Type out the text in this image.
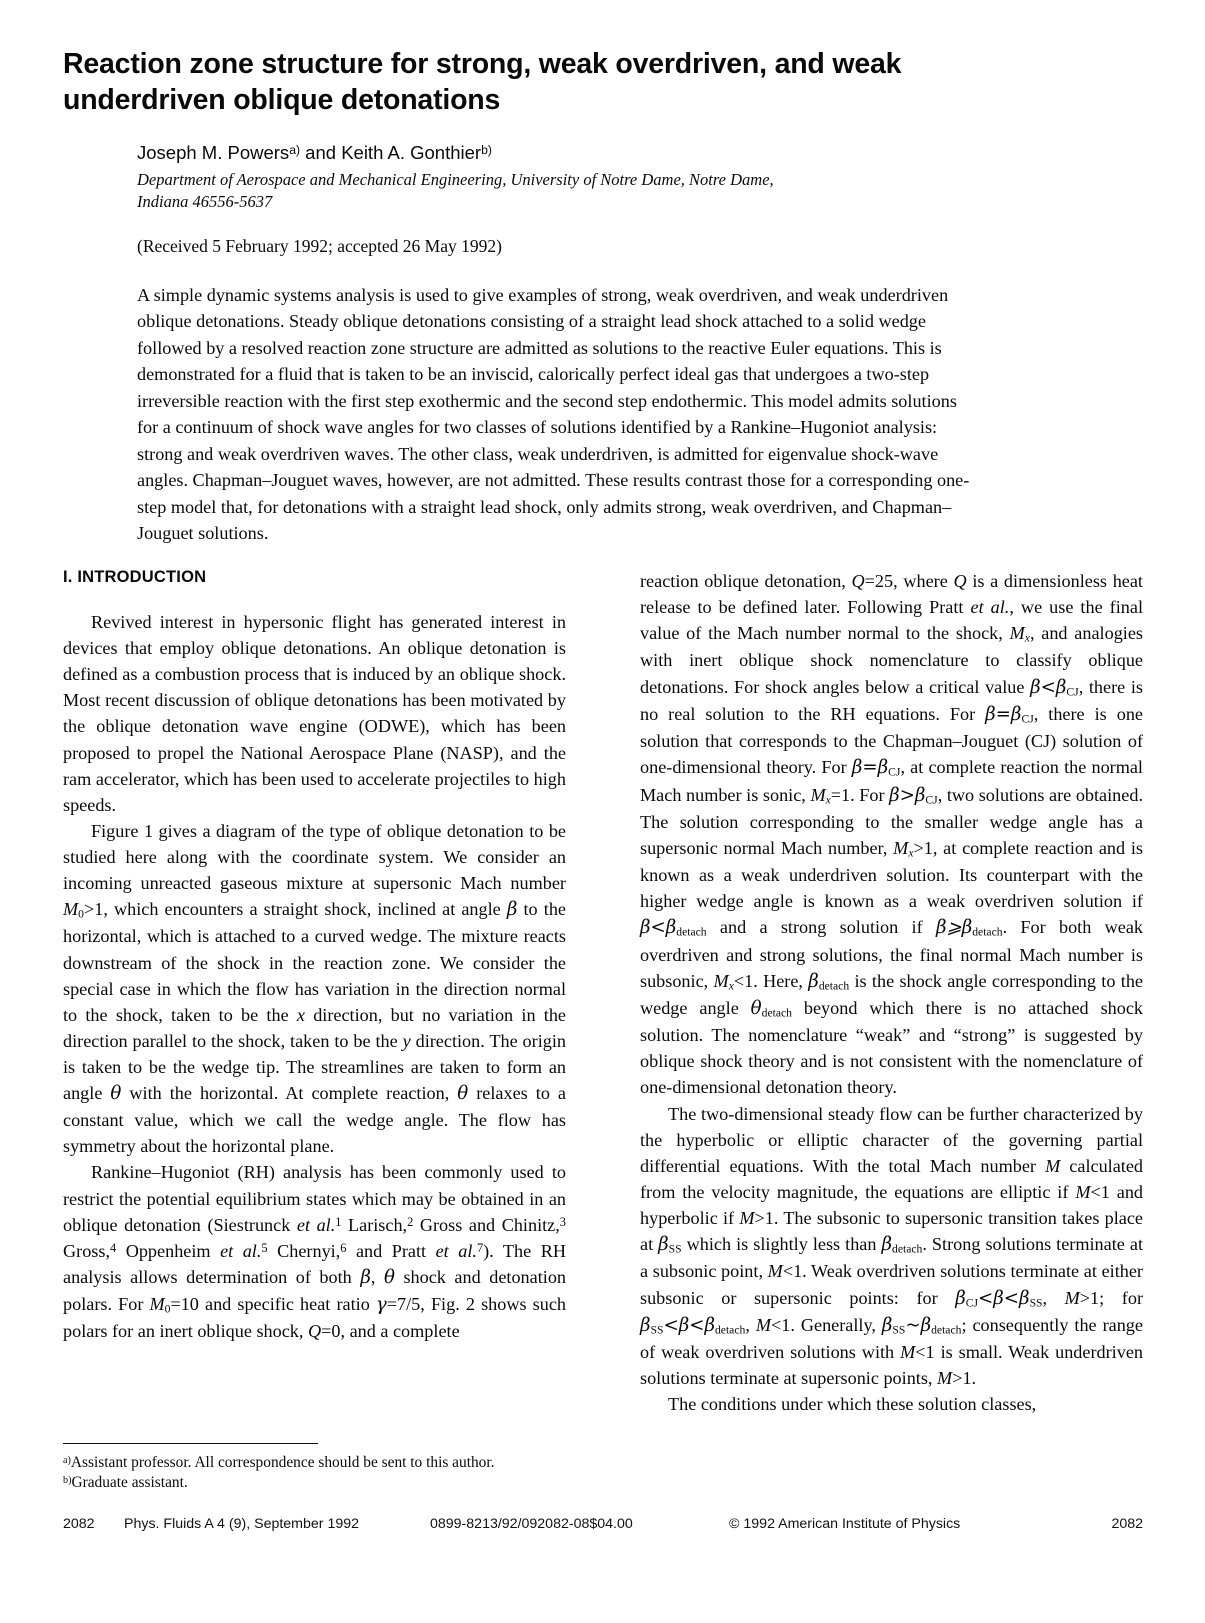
Reaction zone structure for strong, weak overdriven, and weak underdriven oblique detonations
Joseph M. Powers$^{a)}$ and Keith A. Gonthier$^{b)}$
Department of Aerospace and Mechanical Engineering, University of Notre Dame, Notre Dame,
Indiana 46556-5637
(Received 5 February 1992; accepted 26 May 1992)

A simple dynamic systems analysis is used to give examples of strong, weak overdriven, and weak underdriven oblique detonations. Steady oblique detonations consisting of a straight lead shock attached to a solid wedge followed by a resolved reaction zone structure are admitted as solutions to the reactive Euler equations. This is demonstrated for a fluid that is taken to be an inviscid, calorically perfect ideal gas that undergoes a two-step irreversible reaction with the first step exothermic and the second step endothermic. This model admits solutions for a continuum of shock wave angles for two classes of solutions identified by a Rankine–Hugoniot analysis: strong and weak overdriven waves. The other class, weak underdriven, is admitted for eigenvalue shock-wave angles. Chapman–Jouguet waves, however, are not admitted. These results contrast those for a corresponding one-step model that, for detonations with a straight lead shock, only admits strong, weak overdriven, and Chapman–Jouguet solutions.

I. INTRODUCTION

Revived interest in hypersonic flight has generated interest in devices that employ oblique detonations. An oblique detonation is defined as a combustion process that is induced by an oblique shock. Most recent discussion of oblique detonations has been motivated by the oblique detonation wave engine (ODWE), which has been proposed to propel the National Aerospace Plane (NASP), and the ram accelerator, which has been used to accelerate projectiles to high speeds.

Figure 1 gives a diagram of the type of oblique detonation to be studied here along with the coordinate system. We consider an incoming unreacted gaseous mixture at supersonic Mach number $M_0>1$, which encounters a straight shock, inclined at angle β to the horizontal, which is attached to a curved wedge. The mixture reacts downstream of the shock in the reaction zone. We consider the special case in which the flow has variation in the direction normal to the shock, taken to be the x direction, but no variation in the direction parallel to the shock, taken to be the y direction. The origin is taken to be the wedge tip. The streamlines are taken to form an angle θ with the horizontal. At complete reaction, θ relaxes to a constant value, which we call the wedge angle. The flow has symmetry about the horizontal plane.

Rankine–Hugoniot (RH) analysis has been commonly used to restrict the potential equilibrium states which may be obtained in an oblique detonation (Siestrunck et al.$^1$ Larisch,$^2$ Gross and Chinitz,$^3$ Gross,$^4$ Oppenheim et al.$^5$ Chernyi,$^6$ and Pratt et al.$^7$). The RH analysis allows determination of both β, θ shock and detonation polars. For $M_0=10$ and specific heat ratio γ=7/5, Fig. 2 shows such polars for an inert oblique shock, Q=0, and a complete

reaction oblique detonation, Q=25, where Q is a dimensionless heat release to be defined later. Following Pratt et al., we use the final value of the Mach number normal to the shock, $M_x$, and analogies with inert oblique shock nomenclature to classify oblique detonations. For shock angles below a critical value $\beta<\beta_{CJ}$, there is no real solution to the RH equations. For $\beta=\beta_{CJ}$, there is one solution that corresponds to the Chapman–Jouguet (CJ) solution of one-dimensional theory. For $\beta=\beta_{CJ}$, at complete reaction the normal Mach number is sonic, $M_x=1$. For $\beta>\beta_{CJ}$, two solutions are obtained. The solution corresponding to the smaller wedge angle has a supersonic normal Mach number, $M_x>1$, at complete reaction and is known as a weak underdriven solution. Its counterpart with the higher wedge angle is known as a weak overdriven solution if $\beta<\beta_{detach}$ and a strong solution if $\beta⩾\beta_{detach}$. For both weak overdriven and strong solutions, the final normal Mach number is subsonic, $M_x<1$. Here, $\beta_{detach}$ is the shock angle corresponding to the wedge angle $\theta_{detach}$ beyond which there is no attached shock solution. The nomenclature “weak” and “strong” is suggested by oblique shock theory and is not consistent with the nomenclature of one-dimensional detonation theory.

The two-dimensional steady flow can be further characterized by the hyperbolic or elliptic character of the governing partial differential equations. With the total Mach number M calculated from the velocity magnitude, the equations are elliptic if M<1 and hyperbolic if M>1. The subsonic to supersonic transition takes place at $\beta_{SS}$ which is slightly less than $\beta_{detach}$. Strong solutions terminate at a subsonic point, M<1. Weak overdriven solutions terminate at either subsonic or supersonic points: for $\beta_{CJ}<\beta<\beta_{SS}$, M>1; for $\beta_{SS}<\beta<\beta_{detach}$, M<1. Generally, $\beta_{SS}\sim\beta_{detach}$; consequently the range of weak overdriven solutions with M<1 is small. Weak underdriven solutions terminate at supersonic points, M>1.

The conditions under which these solution classes,

$^{a)}$Assistant professor. All correspondence should be sent to this author.

$^{b)}$Graduate assistant.

2082 Phys. Fluids A 4 (9), September 1992	0899-8213/92/092082-08$04.00	© 1992 American Institute of Physics	2082
